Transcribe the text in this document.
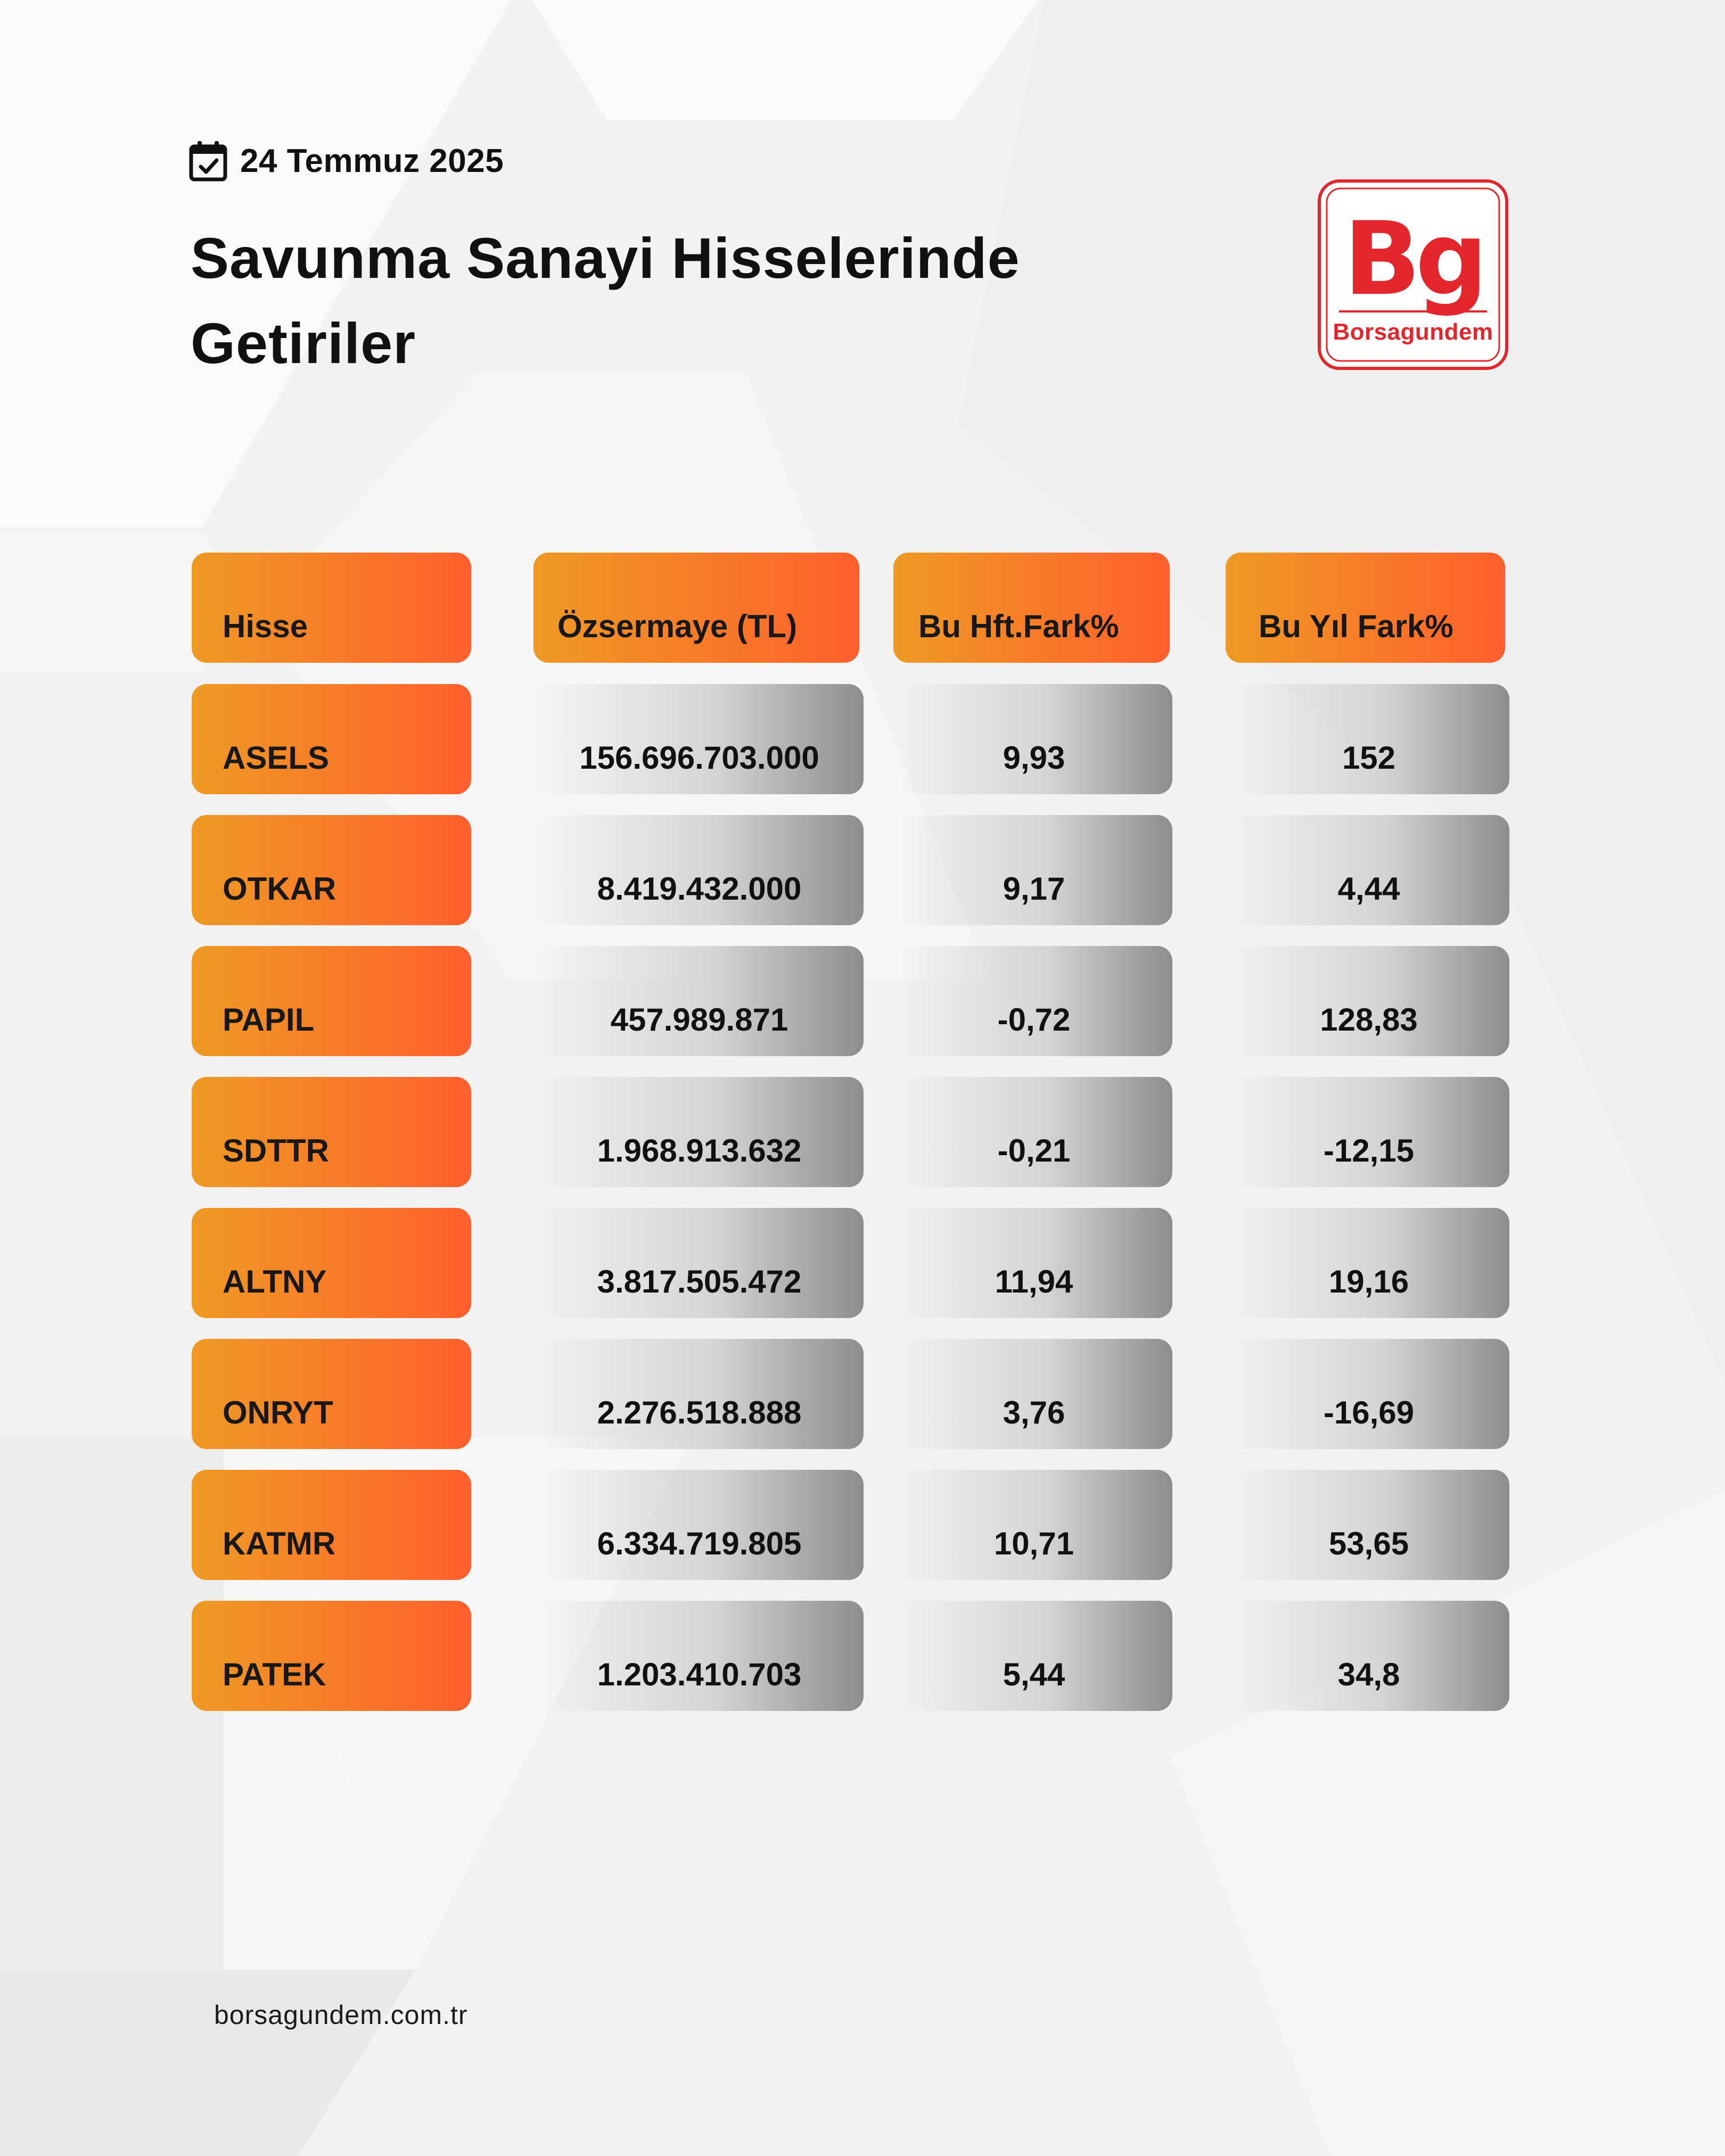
24 Temmuz 2025
Savunma Sanayi Hisselerinde Getiriler
Bg
Borsagundem
Hisse	Özsermaye (TL)	Bu Hft.Fark%	Bu Yıl Fark%
ASELS	156.696.703.000	9,93	152
OTKAR	8.419.432.000	9,17	4,44
PAPIL	457.989.871	-0,72	128,83
SDTTR	1.968.913.632	-0,21	-12,15
ALTNY	3.817.505.472	11,94	19,16
ONRYT	2.276.518.888	3,76	-16,69
KATMR	6.334.719.805	10,71	53,65
PATEK	1.203.410.703	5,44	34,8
borsagundem.com.tr
